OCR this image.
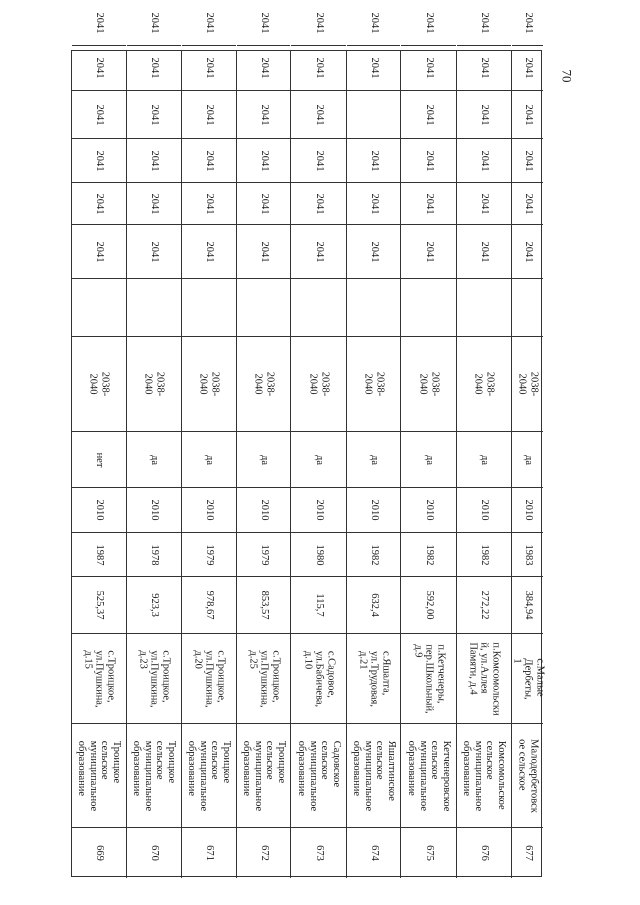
70
669
Троицкое
сельское
муниципальное
образование
с.Троицкое,
ул.Пушкина,
д.15
525,37
1987
2010
нет
2038-2040
2041
2041
2041
2041
2041
2041
670
Троицкое
сельское
муниципальное
образование
с.Троицкое,
ул.Пушкина,
д.23
923,3
1978
2010
да
2038-2040
2041
2041
2041
2041
2041
2041
671
Троицкое
сельское
муниципальное
образование
с.Троицкое,
ул.Пушкина,
д.20
978,67
1979
2010
да
2038-2040
2041
2041
2041
2041
2041
2041
672
Троицкое
сельское
муниципальное
образование
с.Троицкое,
ул.Пушкина,
д.25
853,57
1979
2010
да
2038-2040
2041
2041
2041
2041
2041
2041
673
Садовское
сельское
муниципальное
образование
с.Садовое,
ул.Бабичева,
д.10
115,7
1980
2010
да
2038-2040
2041
2041
2041
2041
2041
2041
674
Яшалтинское
сельское
муниципальное
образование
с.Яшалта,
ул.Трудовая,
д.21
632,4
1982
2010
да
2038-2040
2041
2041
2041
2041
2041
675
Кетченеровское
сельское
муниципальное
образование
п.Кетченеры,
пер.Школьный,
д.9
592,00
1982
2010
да
2038-2040
2041
2041
2041
2041
2041
2041
676
Комсомольское
сельское
муниципальное
образование
п.Комсомольски
й, ул.Аллея
Памяти, д.4
272,22
1982
2010
да
2038-2040
2041
2041
2041
2041
2041
2041
677
Малодербетовск
ое сельское
с.Малые
Дербеты, 1
384,94
1983
2010
да
2038-2040
2041
2041
2041
2041
2041
2041
